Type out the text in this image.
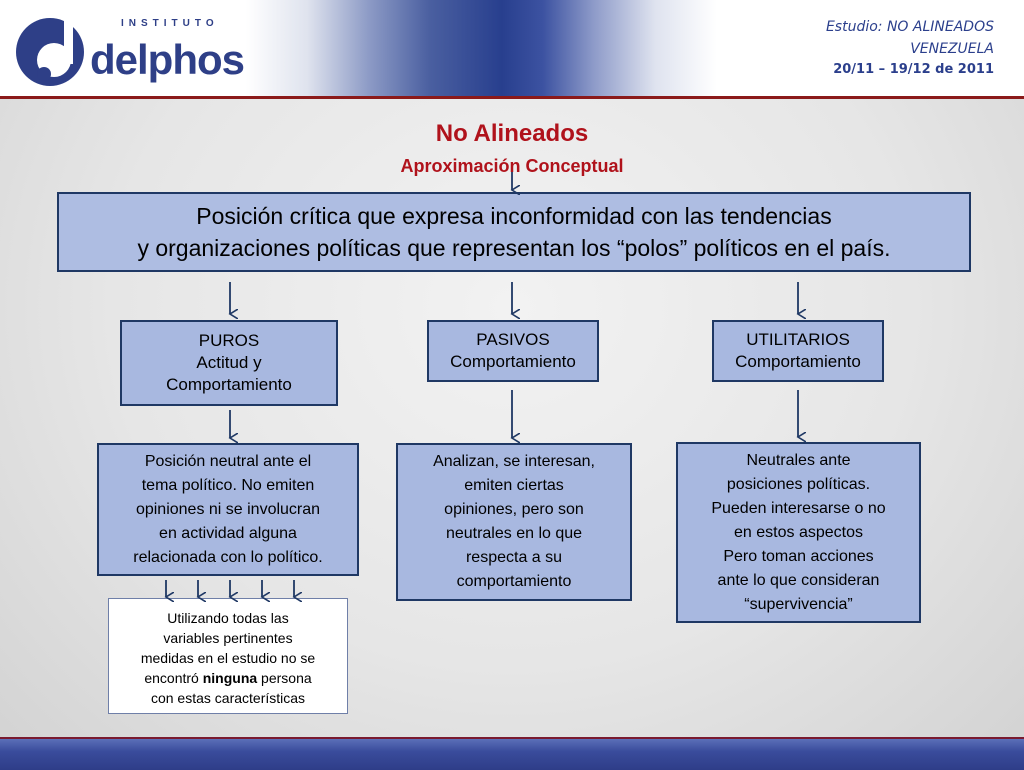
INSTITUTO
delphos
Estudio: NO ALINEADOS
VENEZUELA
20/11 – 19/12 de 2011
No Alineados
Aproximación Conceptual
Posición crítica que expresa inconformidad con las tendencias
y organizaciones políticas que representan los “polos” políticos en el país.
PUROS
Actitud y
Comportamiento
PASIVOS
Comportamiento
UTILITARIOS
Comportamiento
Posición neutral ante el
tema político. No emiten
opiniones ni se involucran
en actividad alguna
relacionada con lo político.
Analizan, se interesan,
emiten ciertas
opiniones, pero son
neutrales en lo que
respecta a su
comportamiento
Neutrales ante
posiciones políticas.
Pueden interesarse o no
en estos aspectos
Pero toman acciones
ante lo que consideran
“supervivencia”
Utilizando todas las
variables pertinentes
medidas en el estudio no se
encontró ninguna persona
con estas características
